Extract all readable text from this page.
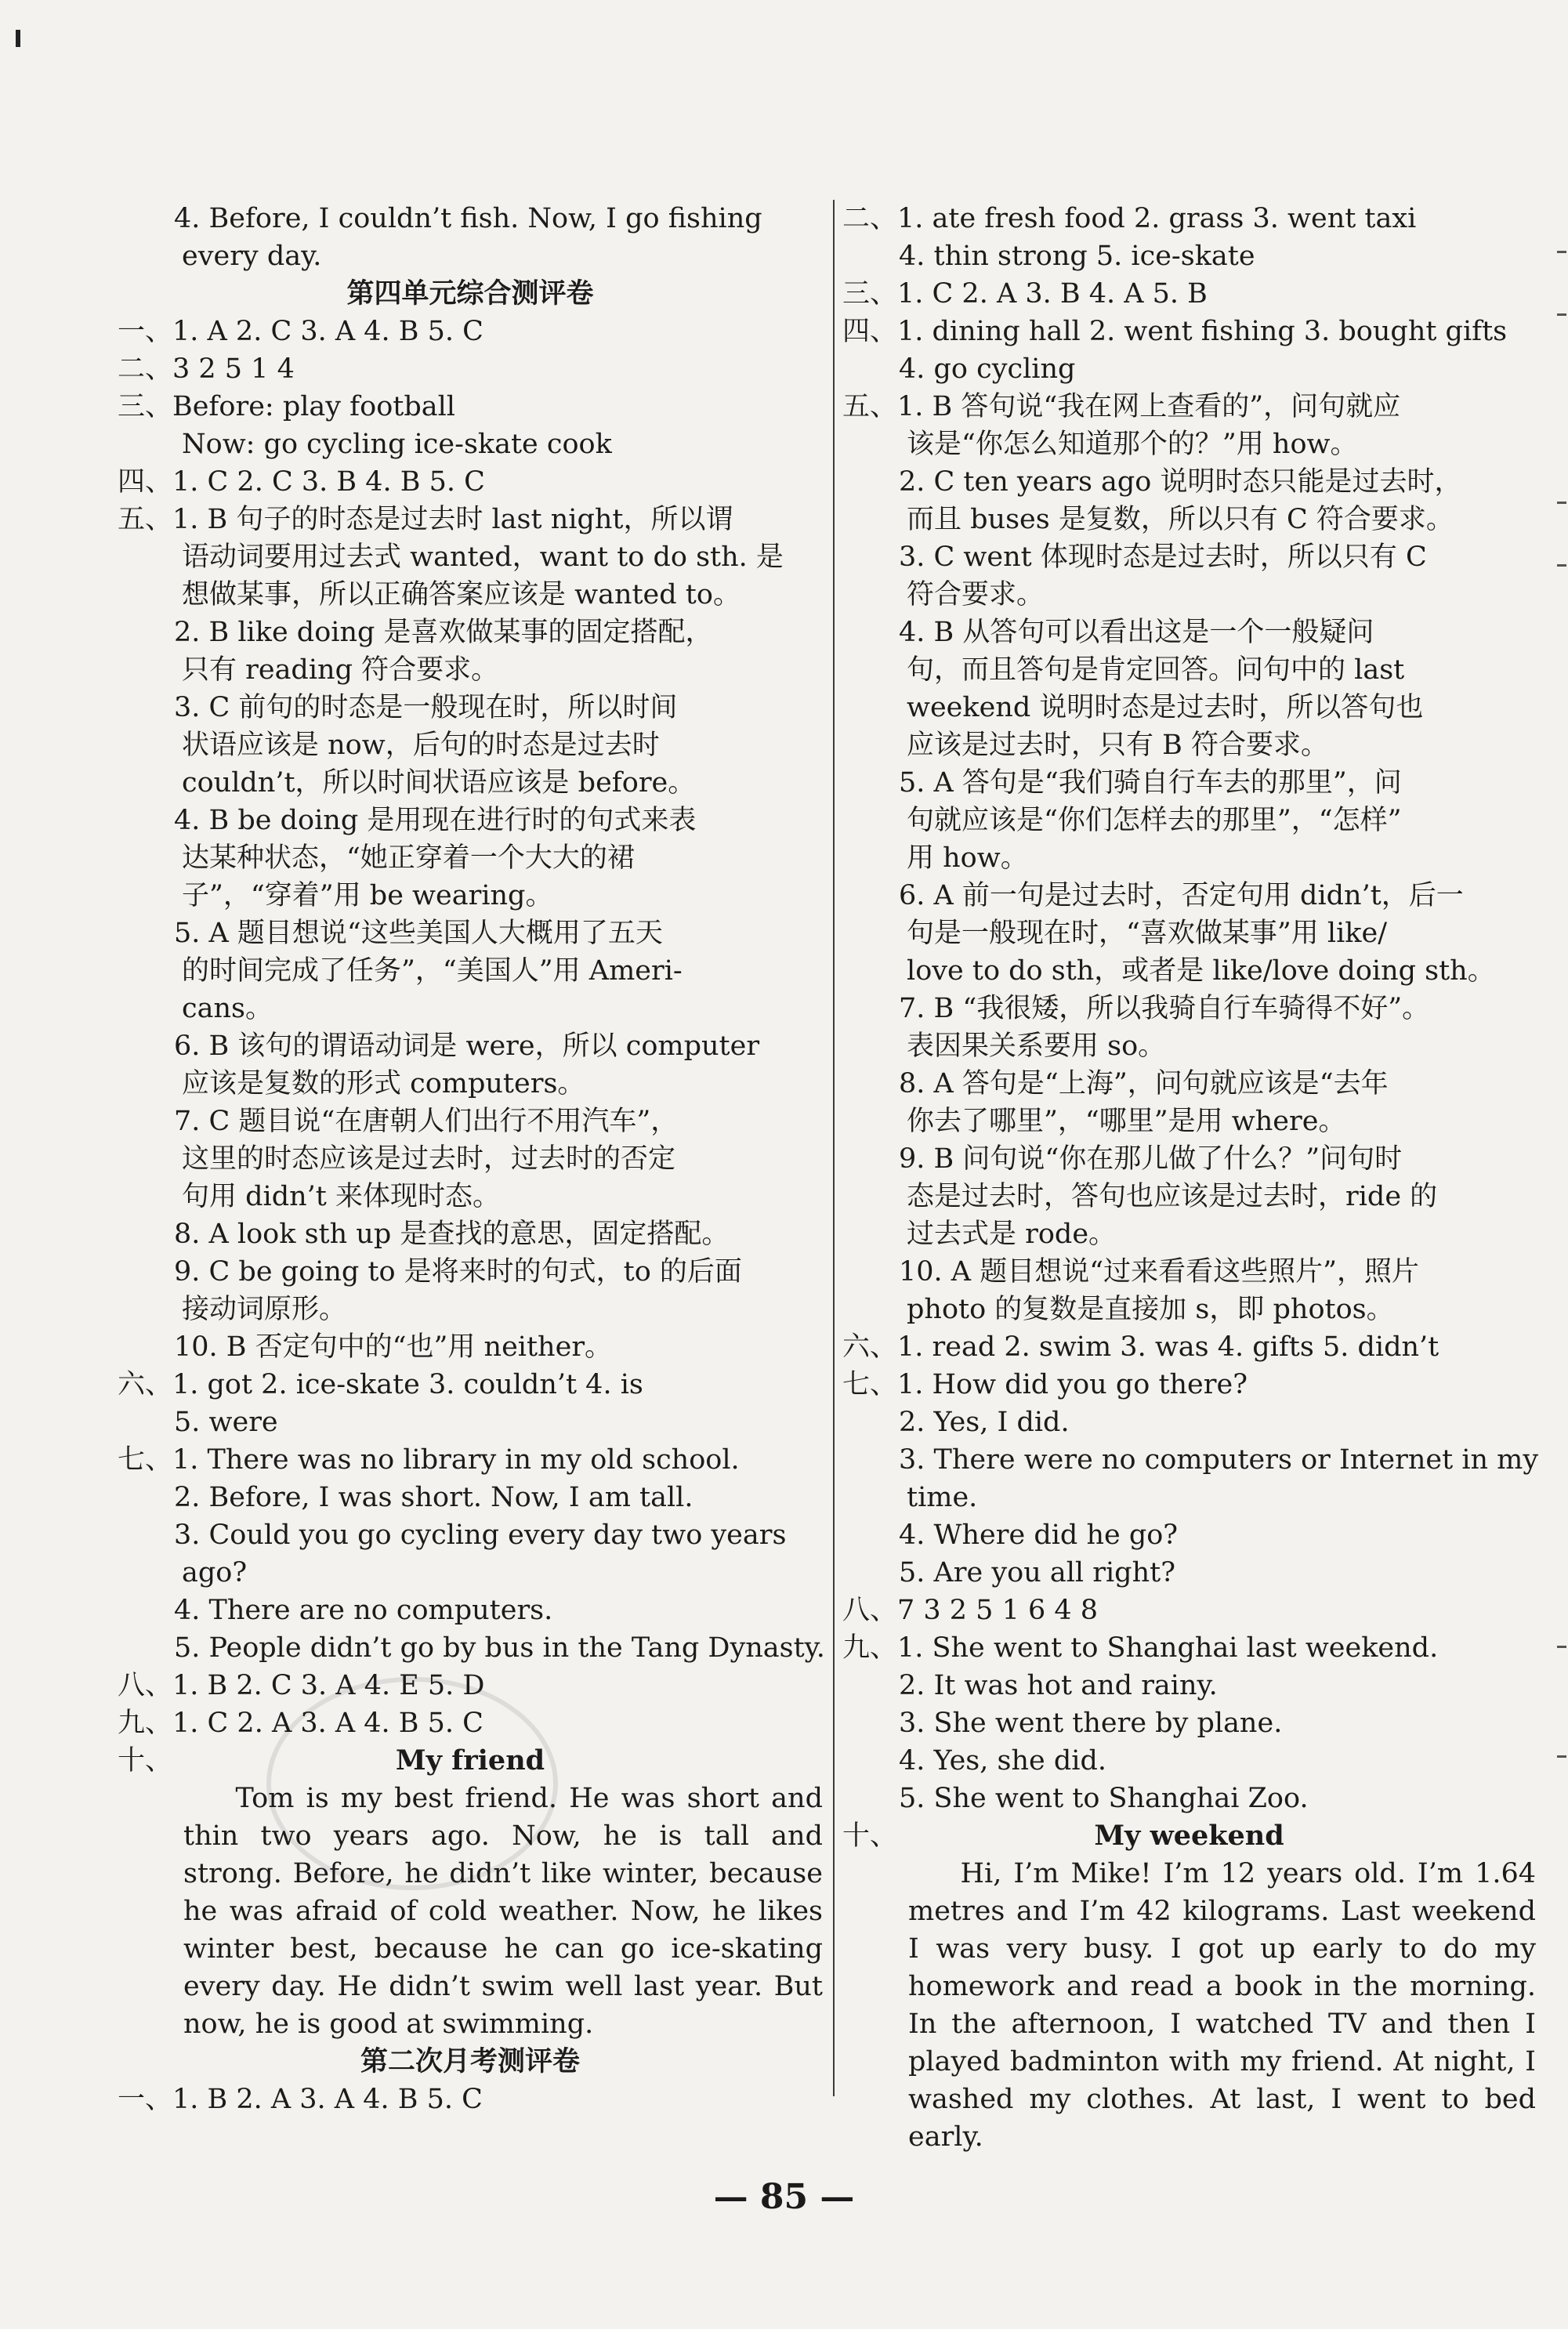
4. Before, I couldn’t fish. Now, I go fishing
every day.
第四单元综合测评卷
一、1. A 2. C 3. A 4. B 5. C
二、3 2 5 1 4
三、Before: play football
Now: go cycling ice-skate cook
四、1. C 2. C 3. B 4. B 5. C
五、1. B 句子的时态是过去时 last night，所以谓
语动词要用过去式 wanted，want to do sth. 是
想做某事，所以正确答案应该是 wanted to。
2. B like doing 是喜欢做某事的固定搭配，
只有 reading 符合要求。
3. C 前句的时态是一般现在时，所以时间
状语应该是 now，后句的时态是过去时
couldn’t，所以时间状语应该是 before。
4. B be doing 是用现在进行时的句式来表
达某种状态，“她正穿着一个大大的裙
子”，“穿着”用 be wearing。
5. A 题目想说“这些美国人大概用了五天
的时间完成了任务”，“美国人”用 Ameri-
cans。
6. B 该句的谓语动词是 were，所以 computer
应该是复数的形式 computers。
7. C 题目说“在唐朝人们出行不用汽车”，
这里的时态应该是过去时，过去时的否定
句用 didn’t 来体现时态。
8. A look sth up 是查找的意思，固定搭配。
9. C be going to 是将来时的句式，to 的后面
接动词原形。
10. B 否定句中的“也”用 neither。
六、1. got 2. ice-skate 3. couldn’t 4. is
5. were
七、1. There was no library in my old school.
2. Before, I was short. Now, I am tall.
3. Could you go cycling every day two years
ago?
4. There are no computers.
5. People didn’t go by bus in the Tang Dynasty.
八、1. B 2. C 3. A 4. E 5. D
九、1. C 2. A 3. A 4. B 5. C
十、	My friend
Tom is my best friend. He was short and thin two years ago. Now, he is tall and strong. Before, he didn’t like winter, because he was afraid of cold weather. Now, he likes winter best, because he can go ice-skating every day. He didn’t swim well last year. But now, he is good at swimming.
第二次月考测评卷
一、1. B 2. A 3. A 4. B 5. C
二、1. ate fresh food 2. grass 3. went taxi
4. thin strong 5. ice-skate
三、1. C 2. A 3. B 4. A 5. B
四、1. dining hall 2. went fishing 3. bought gifts
4. go cycling
五、1. B 答句说“我在网上查看的”，问句就应
该是“你怎么知道那个的？”用 how。
2. C ten years ago 说明时态只能是过去时，
而且 buses 是复数，所以只有 C 符合要求。
3. C went 体现时态是过去时，所以只有 C
符合要求。
4. B 从答句可以看出这是一个一般疑问
句，而且答句是肯定回答。问句中的 last
weekend 说明时态是过去时，所以答句也
应该是过去时，只有 B 符合要求。
5. A 答句是“我们骑自行车去的那里”，问
句就应该是“你们怎样去的那里”，“怎样”
用 how。
6. A 前一句是过去时，否定句用 didn’t，后一
句是一般现在时，“喜欢做某事”用 like/
love to do sth，或者是 like/love doing sth。
7. B “我很矮，所以我骑自行车骑得不好”。
表因果关系要用 so。
8. A 答句是“上海”，问句就应该是“去年
你去了哪里”，“哪里”是用 where。
9. B 问句说“你在那儿做了什么？”问句时
态是过去时，答句也应该是过去时，ride 的
过去式是 rode。
10. A 题目想说“过来看看这些照片”，照片
photo 的复数是直接加 s，即 photos。
六、1. read 2. swim 3. was 4. gifts 5. didn’t
七、1. How did you go there?
2. Yes, I did.
3. There were no computers or Internet in my
time.
4. Where did he go?
5. Are you all right?
八、7 3 2 5 1 6 4 8
九、1. She went to Shanghai last weekend.
2. It was hot and rainy.
3. She went there by plane.
4. Yes, she did.
5. She went to Shanghai Zoo.
十、	My weekend
Hi, I’m Mike! I’m 12 years old. I’m 1.64 metres and I’m 42 kilograms. Last weekend I was very busy. I got up early to do my homework and read a book in the morning. In the afternoon, I watched TV and then I played badminton with my friend. At night, I washed my clothes. At last, I went to bed early.
— 85 —
